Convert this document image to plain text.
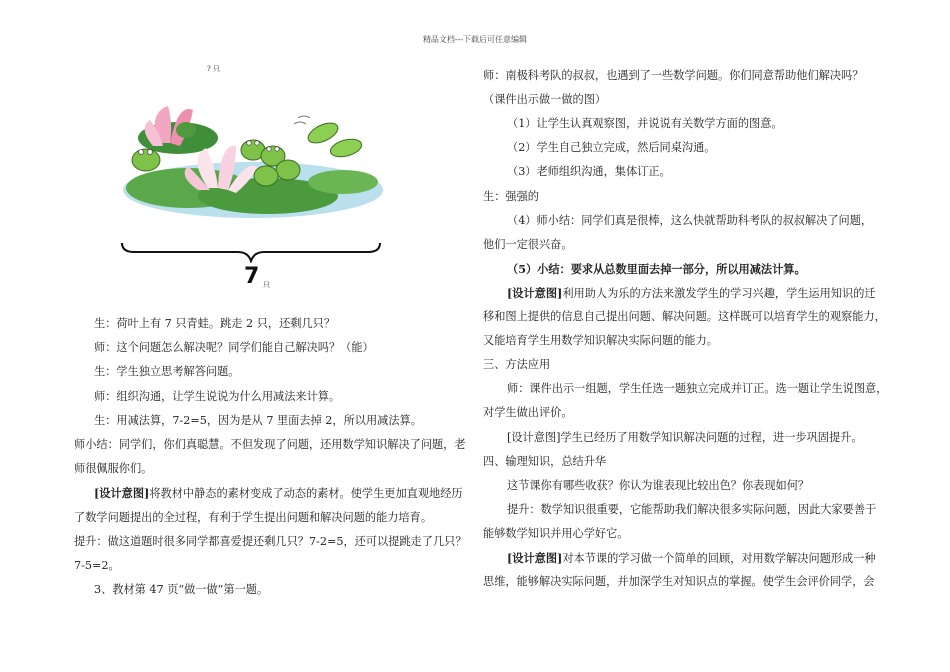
精品文档---下载后可任意编辑
? 只
7 只
生：荷叶上有 7 只青蛙。跳走 2 只，还剩几只？
师：这个问题怎么解决呢？同学们能自己解决吗？（能）
生：学生独立思考解答问题。
师：组织沟通，让学生说说为什么用减法来计算。
生：用减法算，7-2=5，因为是从 7 里面去掉 2，所以用减法算。
师小结：同学们，你们真聪慧。不但发现了问题，还用数学知识解决了问题，老
师很佩服你们。
[设计意图]将教材中静态的素材变成了动态的素材。使学生更加直观地经历
了数学问题提出的全过程，有利于学生提出问题和解决问题的能力培育。
提升：做这道题时很多同学都喜爱提还剩几只？7-2=5，还可以提跳走了几只？
7-5=2。
3、教材第 47 页“做一做”第一题。
师：南极科考队的叔叔，也遇到了一些数学问题。你们同意帮助他们解决吗？
（课件出示做一做的图）
（1）让学生认真观察图，并说说有关数学方面的图意。
（2）学生自己独立完成，然后同桌沟通。
（3）老师组织沟通，集体订正。
生：强强的
（4）师小结：同学们真是很棒，这么快就帮助科考队的叔叔解决了问题，
他们一定很兴奋。
（5）小结：要求从总数里面去掉一部分，所以用减法计算。
[设计意图]利用助人为乐的方法来激发学生的学习兴趣，学生运用知识的迁
移和图上提供的信息自己提出问题、解决问题。这样既可以培育学生的观察能力，
又能培育学生用数学知识解决实际问题的能力。
三、方法应用
师：课件出示一组题，学生任选一题独立完成并订正。选一题让学生说图意，
对学生做出评价。
[设计意图]学生已经历了用数学知识解决问题的过程，进一步巩固提升。
四、输理知识，总结升华
这节课你有哪些收获？你认为谁表现比较出色？你表现如何？
提升：数学知识很重要，它能帮助我们解决很多实际问题，因此大家要善于
能够数学知识并用心学好它。
[设计意图]对本节课的学习做一个简单的回顾，对用数学解决问题形成一种
思维，能够解决实际问题，并加深学生对知识点的掌握。使学生会评价同学，会
